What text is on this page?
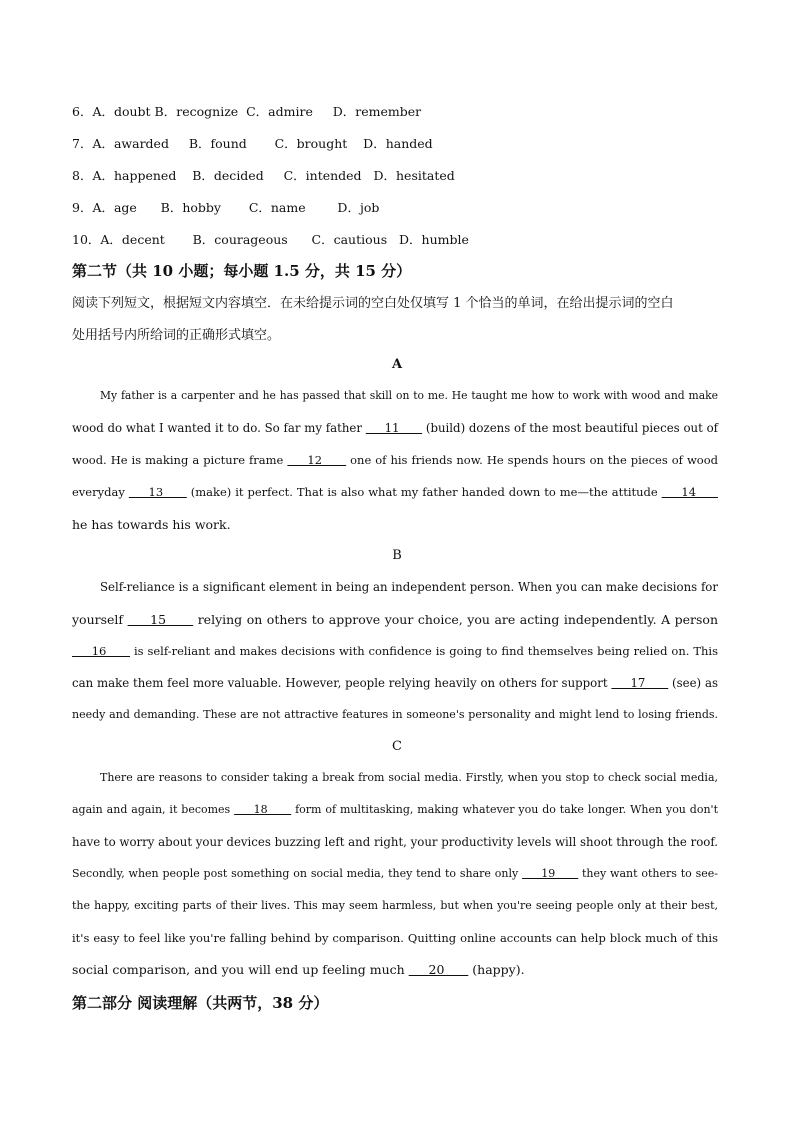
6．A．doubt B．recognize  C．admire     D．remember
7．A．awarded     B．found       C．brought    D．handed
8．A．happened    B．decided     C．intended   D．hesitated
9．A．age      B．hobby       C．name        D．job
10．A．decent       B．courageous      C．cautious   D．humble
第二节（共 10 小题；每小题 1.5 分，共 15 分）
阅读下列短文，根据短文内容填空．在未给提示词的空白处仅填写 1 个恰当的单词，在给出提示词的空白
处用括号内所给词的正确形式填空。
A
My father is a carpenter and he has passed that skill on to me. He taught me how to work with wood and make
wood do what I wanted it to do. So far my father      11       (build) dozens of the most beautiful pieces out of
wood. He is making a picture frame      12       one of his friends now. He spends hours on the pieces of wood
everyday      13       (make) it perfect. That is also what my father handed down to me—the attitude      14
he has towards his work.
B
Self-reliance is a significant element in being an independent person. When you can make decisions for
yourself      15       relying on others to approve your choice, you are acting independently. A person
16       is self-reliant and makes decisions with confidence is going to find themselves being relied on. This
can make them feel more valuable. However, people relying heavily on others for support      17       (see) as
needy and demanding. These are not attractive features in someone's personality and might lend to losing friends.
C
There are reasons to consider taking a break from social media. Firstly, when you stop to check social media,
again and again, it becomes      18       form of multitasking, making whatever you do take longer. When you don't
have to worry about your devices buzzing left and right, your productivity levels will shoot through the roof.
Secondly, when people post something on social media, they tend to share only      19       they want others to see-
the happy, exciting parts of their lives. This may seem harmless, but when you're seeing people only at their best,
it's easy to feel like you're falling behind by comparison. Quitting online accounts can help block much of this
social comparison, and you will end up feeling much      20       (happy).
第二部分 阅读理解（共两节，38 分）
